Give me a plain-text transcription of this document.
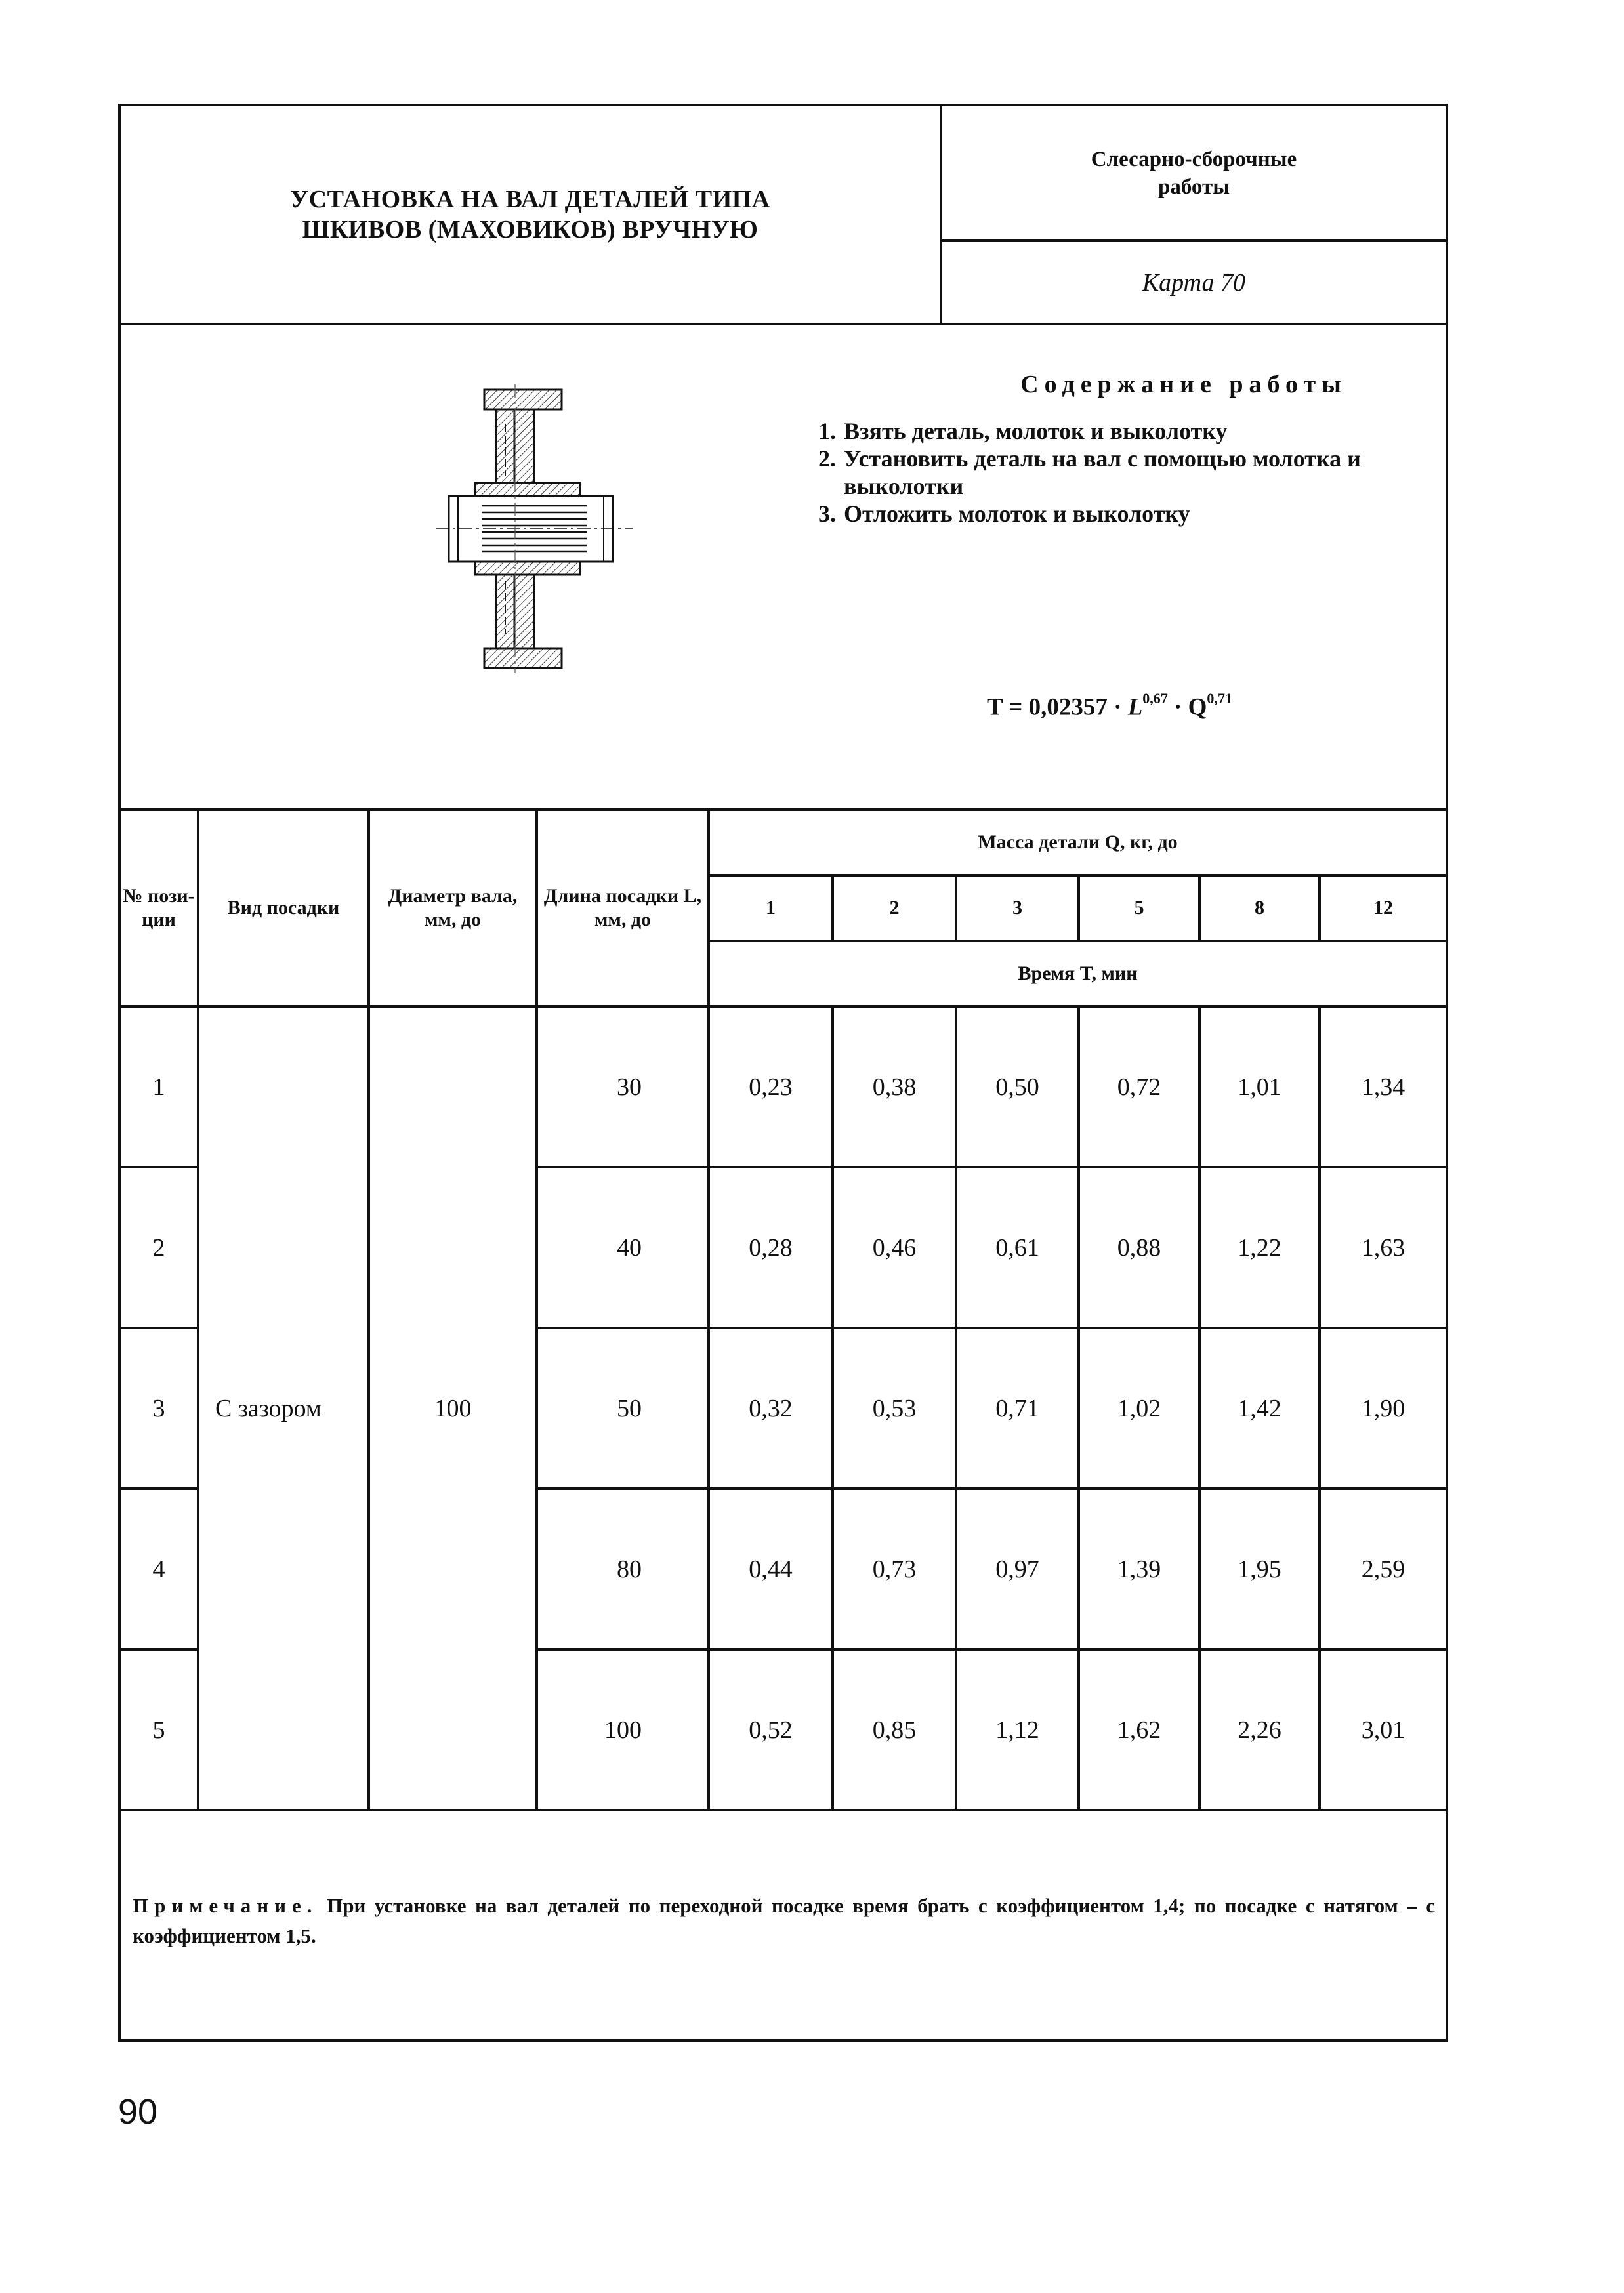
УСТАНОВКА НА ВАЛ ДЕТАЛЕЙ ТИПА
ШКИВОВ (МАХОВИКОВ) ВРУЧНУЮ
Слесарно-сборочные
работы
Карта 70
Содержание работы
1. Взять деталь, молоток и выколотку
2. Установить деталь на вал с помощью молотка и выколотки
3. Отложить молоток и выколотку
T = 0,02357 · L$^{0,67}$ · Q$^{0,71}$
№ пози- ции	Вид посадки	Диаметр вала, мм, до	Длина посадки L, мм, до	Масса детали Q, кг, до					
				1	2	3	5	8	12
				Время T, мин					
1	С зазором	100	30	0,23	0,38	0,50	0,72	1,01	1,34
2			40	0,28	0,46	0,61	0,88	1,22	1,63
3			50	0,32	0,53	0,71	1,02	1,42	1,90
4			80	0,44	0,73	0,97	1,39	1,95	2,59
5			100	0,52	0,85	1,12	1,62	2,26	3,01
Примечание. При установке на вал деталей по переходной посадке время брать с коэффициентом 1,4; по посадке с натягом – с коэффициентом 1,5.
90
